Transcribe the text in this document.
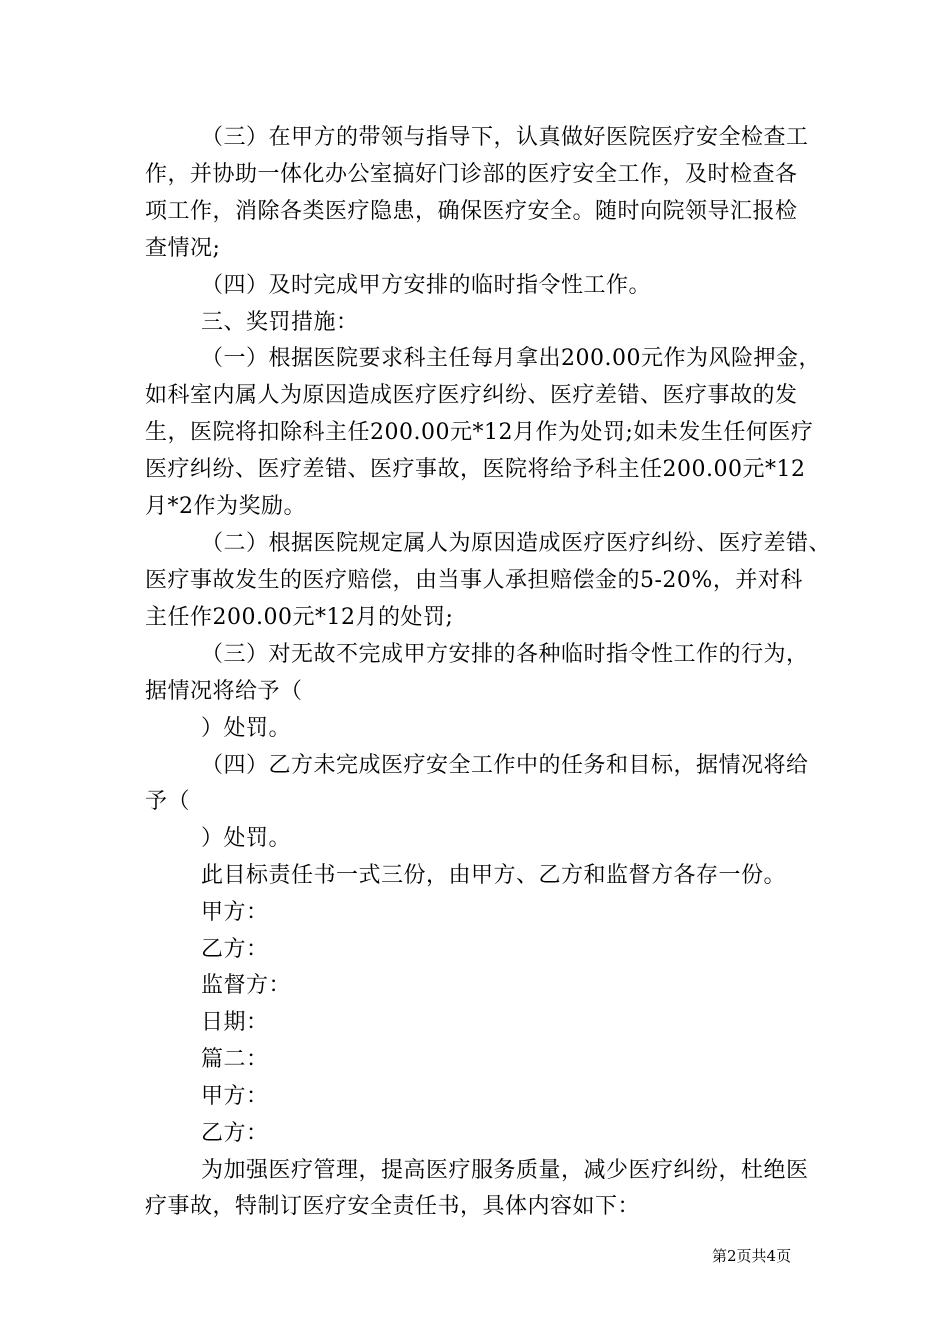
（三）在甲方的带领与指导下，认真做好医院医疗安全检查工
作，并协助一体化办公室搞好门诊部的医疗安全工作，及时检查各
项工作，消除各类医疗隐患，确保医疗安全。随时向院领导汇报检
查情况;
（四）及时完成甲方安排的临时指令性工作。
三、奖罚措施：
（一）根据医院要求科主任每月拿出200.00元作为风险押金，
如科室内属人为原因造成医疗医疗纠纷、医疗差错、医疗事故的发
生，医院将扣除科主任200.00元*12月作为处罚;如未发生任何医疗
医疗纠纷、医疗差错、医疗事故，医院将给予科主任200.00元*12
月*2作为奖励。
（二）根据医院规定属人为原因造成医疗医疗纠纷、医疗差错、
医疗事故发生的医疗赔偿，由当事人承担赔偿金的5-20%，并对科
主任作200.00元*12月的处罚;
（三）对无故不完成甲方安排的各种临时指令性工作的行为，
据情况将给予（
）处罚。
（四）乙方未完成医疗安全工作中的任务和目标，据情况将给
予（
）处罚。
此目标责任书一式三份，由甲方、乙方和监督方各存一份。
甲方：
乙方：
监督方：
日期：
篇二：
甲方：
乙方：
为加强医疗管理，提高医疗服务质量，减少医疗纠纷，杜绝医
疗事故，特制订医疗安全责任书，具体内容如下：
第2页共4页
